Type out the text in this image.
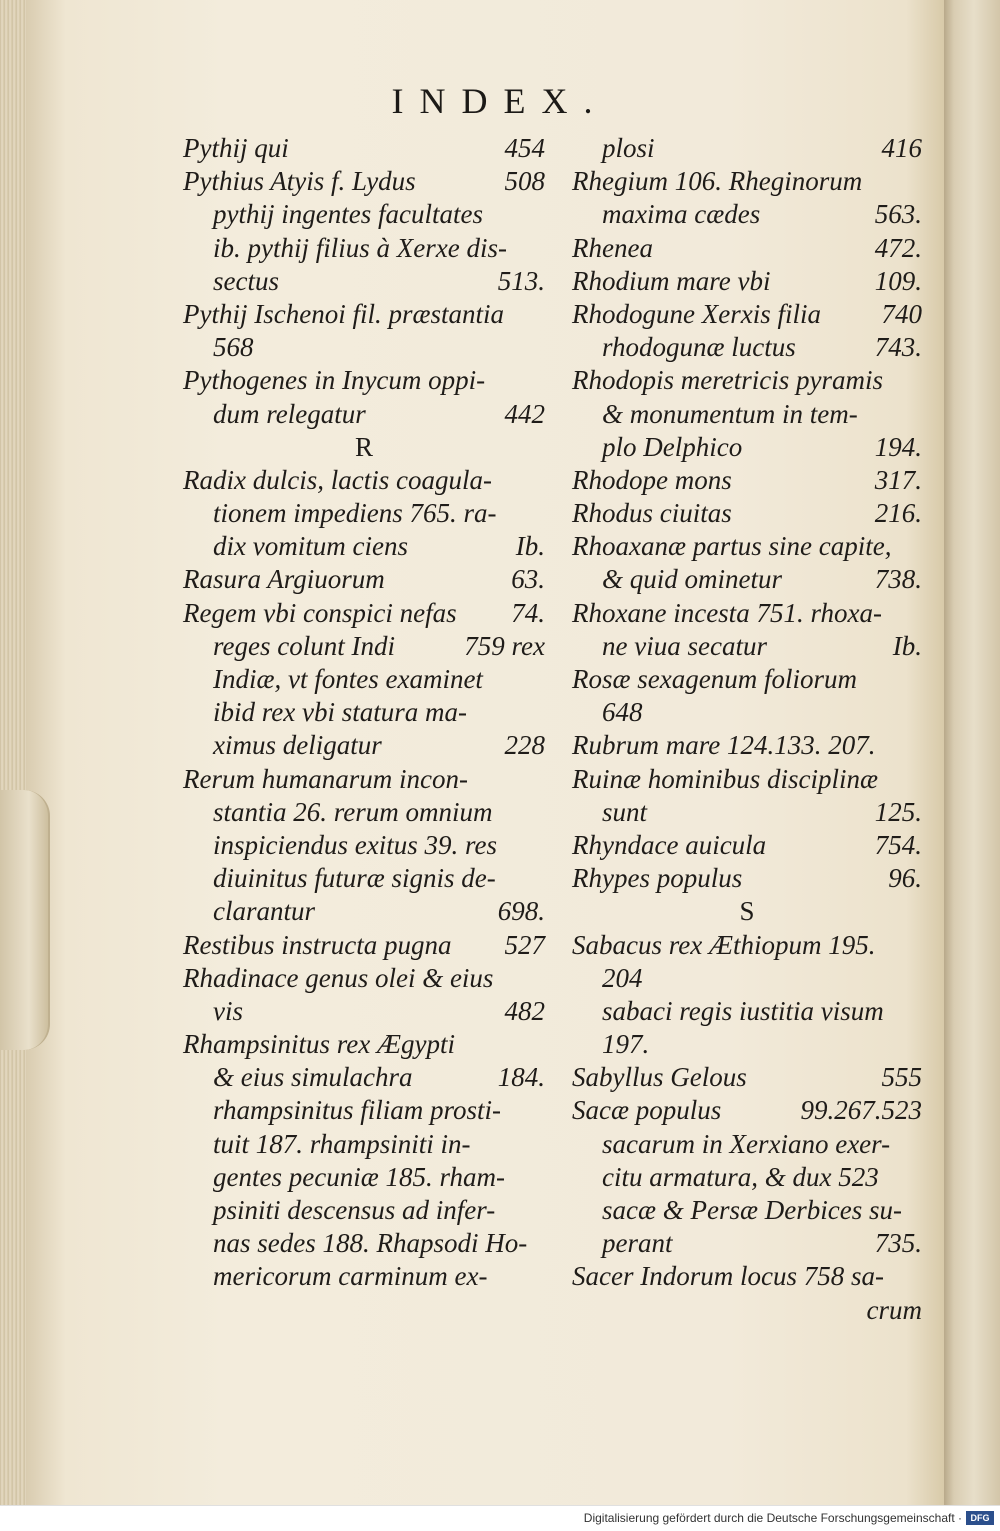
INDEX.
Pythij qui	454
Pythius Atyis f. Lydus	508
pythij ingentes facultates
ib. pythij filius à Xerxe dis-
sectus	513.
Pythij Ischenoi fil. præstantia
568
Pythogenes in Inycum oppi-
dum relegatur	442
R
Radix dulcis, lactis coagula-
tionem impediens 765. ra-
dix vomitum ciens	Ib.
Rasura Argiuorum	63.
Regem vbi conspici nefas 74.
reges colunt Indi	759 rex
Indiæ, vt fontes examinet
ibid rex vbi statura ma-
ximus deligatur	228
Rerum humanarum incon-
stantia 26. rerum omnium
inspiciendus exitus 39. res
diuinitus futuræ signis de-
clarantur	698.
Restibus instructa pugna 527
Rhadinace genus olei & eius
vis	482
Rhampsinitus rex Ægypti
& eius simulachra	184.
rhampsinitus filiam prosti-
tuit 187. rhampsiniti in-
gentes pecuniæ 185. rham-
psiniti descensus ad infer-
nas sedes 188. Rhapsodi Ho-
mericorum carminum ex-
plosi	416
Rhegium 106. Rheginorum
maxima cædes	563.
Rhenea	472.
Rhodium mare vbi	109.
Rhodogune Xerxis filia 740
rhodogunæ luctus	743.
Rhodopis meretricis pyramis
& monumentum in tem-
plo Delphico	194.
Rhodope mons	317.
Rhodus ciuitas	216.
Rhoaxanæ partus sine capite,
& quid ominetur	738.
Rhoxane incesta 751. rhoxa-
ne viua secatur	Ib.
Rosæ sexagenum foliorum
648
Rubrum mare 124.133. 207.
Ruinæ hominibus disciplinæ
sunt	125.
Rhyndace auicula	754.
Rhypes populus	96.
S
Sabacus rex Æthiopum 195.
204
sabaci regis iustitia visum
197.
Sabyllus Gelous	555
Sacæ populus	99.267.523
sacarum in Xerxiano exer-
citu armatura, & dux 523
sacæ & Persæ Derbices su-
perant	735.
Sacer Indorum locus 758 sa-
crum
Digitalisierung gefördert durch die Deutsche Forschungsgemeinschaft · DFG
